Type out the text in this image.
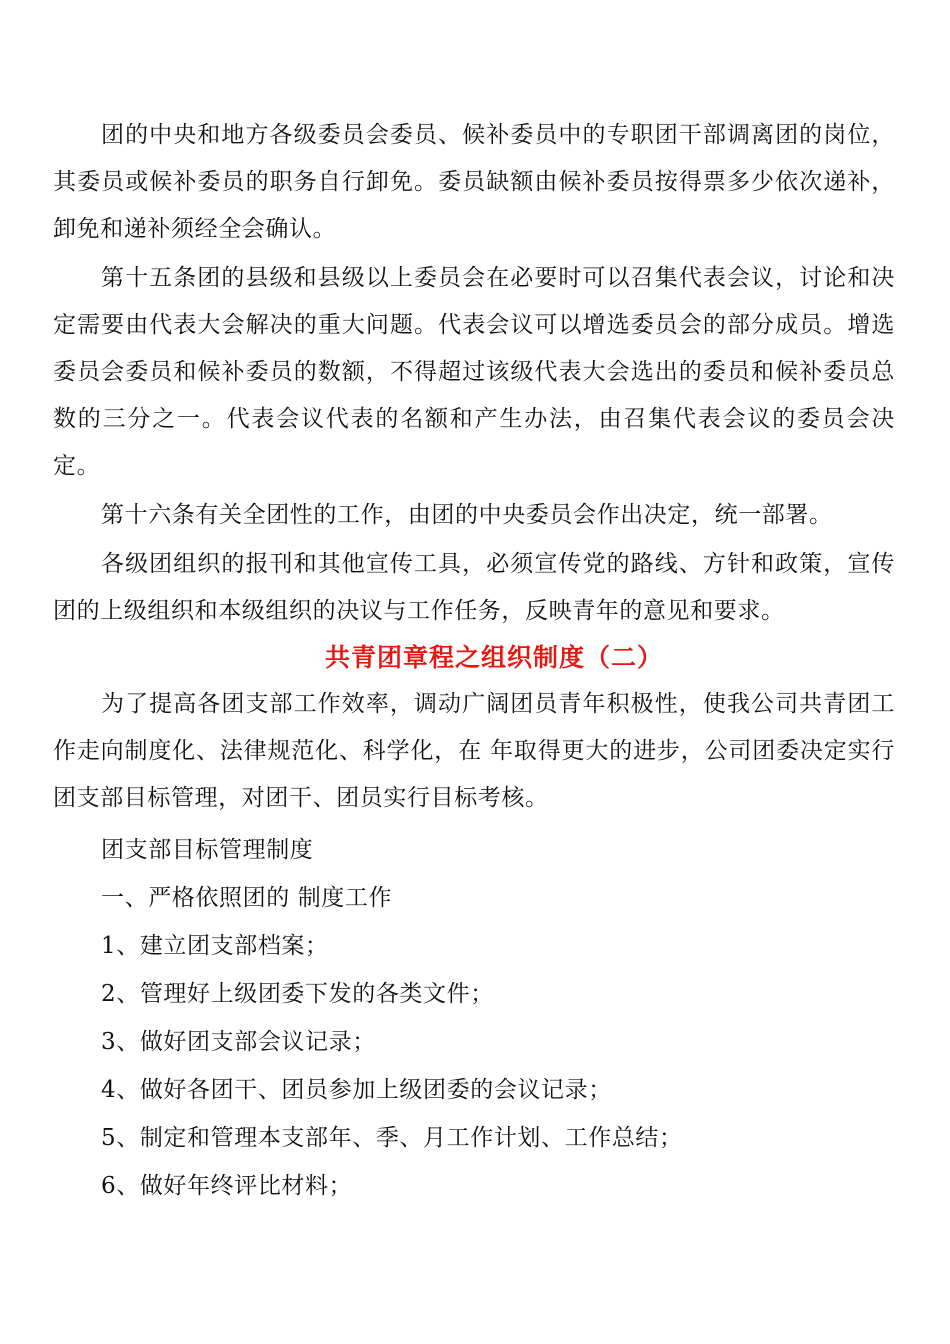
团的中央和地方各级委员会委员、候补委员中的专职团干部调离团的岗位，其委员或候补委员的职务自行卸免。委员缺额由候补委员按得票多少依次递补，卸免和递补须经全会确认。

第十五条团的县级和县级以上委员会在必要时可以召集代表会议，讨论和决定需要由代表大会解决的重大问题。代表会议可以增选委员会的部分成员。增选委员会委员和候补委员的数额，不得超过该级代表大会选出的委员和候补委员总数的三分之一。代表会议代表的名额和产生办法，由召集代表会议的委员会决定。

第十六条有关全团性的工作，由团的中央委员会作出决定，统一部署。

各级团组织的报刊和其他宣传工具，必须宣传党的路线、方针和政策，宣传团的上级组织和本级组织的决议与工作任务，反映青年的意见和要求。

共青团章程之组织制度（二）

为了提高各团支部工作效率，调动广阔团员青年积极性，使我公司共青团工作走向制度化、法律规范化、科学化，在 年取得更大的进步，公司团委决定实行团支部目标管理，对团干、团员实行目标考核。

团支部目标管理制度

一、严格依照团的 制度工作

1、建立团支部档案；

2、管理好上级团委下发的各类文件；

3、做好团支部会议记录；

4、做好各团干、团员参加上级团委的会议记录；

5、制定和管理本支部年、季、月工作计划、工作总结；

6、做好年终评比材料；
